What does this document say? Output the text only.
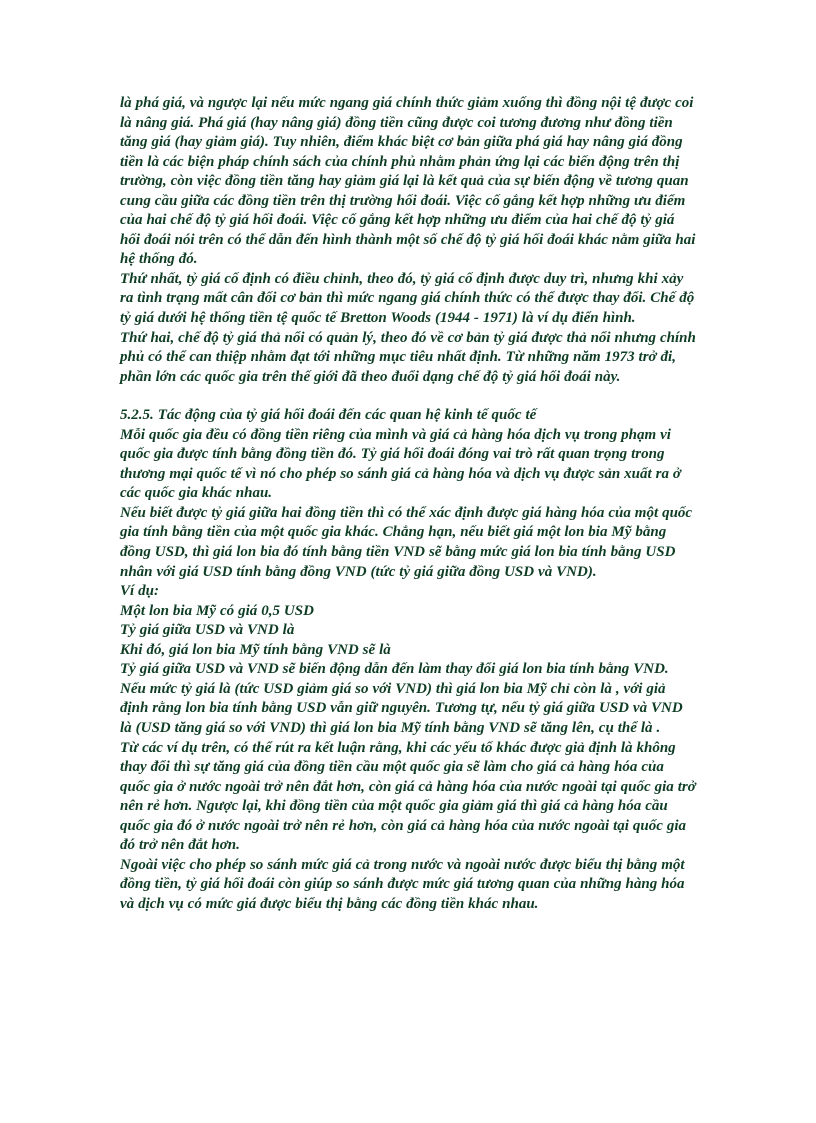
là phá giá, và ngược lại nếu mức ngang giá chính thức giảm xuống thì đồng nội tệ được coi là nâng giá. Phá giá (hay nâng giá) đồng tiền cũng được coi tương đương như đồng tiền tăng giá (hay giảm giá). Tuy nhiên, điểm khác biệt cơ bản giữa phá giá hay nâng giá đồng tiền là các biện pháp chính sách của chính phủ nhằm phản ứng lại các biến động trên thị trường, còn việc đồng tiền tăng hay giảm giá lại là kết quả của sự biến động về tương quan cung cầu giữa các đồng tiền trên thị trường hối đoái. Việc cố gắng kết hợp những ưu điểm của hai chế độ tỷ giá hối đoái. Việc cố gắng kết hợp những ưu điểm của hai chế độ tỷ giá hối đoái nói trên có thể dẫn đến hình thành một số chế độ tỷ giá hối đoái khác nằm giữa hai hệ thống đó.

Thứ nhất, tỷ giá cố định có điều chỉnh, theo đó, tỷ giá cố định được duy trì, nhưng khi xảy ra tình trạng mất cân đối cơ bản thì mức ngang giá chính thức có thể được thay đổi. Chế độ tỷ giá dưới hệ thống tiền tệ quốc tế Bretton Woods (1944 - 1971) là ví dụ điển hình.

Thứ hai, chế độ tỷ giá thả nổi có quản lý, theo đó về cơ bản tỷ giá được thả nổi nhưng chính phủ có thể can thiệp nhằm đạt tới những mục tiêu nhất định. Từ những năm 1973 trở đi, phần lớn các quốc gia trên thế giới đã theo đuổi dạng chế độ tỷ giá hối đoái này.

5.2.5. Tác động của tỷ giá hối đoái đến các quan hệ kinh tế quốc tế

Mỗi quốc gia đều có đồng tiền riêng của mình và giá cả hàng hóa dịch vụ trong phạm vi quốc gia được tính bằng đồng tiền đó. Tỷ giá hối đoái đóng vai trò rất quan trọng trong thương mại quốc tế vì nó cho phép so sánh giá cả hàng hóa và dịch vụ được sản xuất ra ở các quốc gia khác nhau.

Nếu biết được tỷ giá giữa hai đồng tiền thì có thể xác định được giá hàng hóa của một quốc gia tính bằng tiền của một quốc gia khác. Chẳng hạn, nếu biết giá một lon bia Mỹ bằng đồng USD, thì giá lon bia đó tính bằng tiền VND sẽ bằng mức giá lon bia tính bằng USD nhân với giá USD tính bằng đồng VND (tức tỷ giá giữa đồng USD và VND).

Ví dụ:

Một lon bia Mỹ có giá 0,5 USD

Tỷ giá giữa USD và VND là

Khi đó, giá lon bia Mỹ tính bằng VND sẽ là

Tỷ giá giữa USD và VND sẽ biến động dẫn đến làm thay đổi giá lon bia tính bằng VND. Nếu mức tỷ giá là (tức USD giảm giá so với VND) thì giá lon bia Mỹ chỉ còn là , với giả định rằng lon bia tính bằng USD vẫn giữ nguyên. Tương tự, nếu tỷ giá giữa USD và VND là (USD tăng giá so với VND) thì giá lon bia Mỹ tính bằng VND sẽ tăng lên, cụ thể là .

Từ các ví dụ trên, có thể rút ra kết luận rằng, khi các yếu tố khác được giả định là không thay đổi thì sự tăng giá của đồng tiền cầu một quốc gia sẽ làm cho giá cả hàng hóa của quốc gia ở nước ngoài trở nên đắt hơn, còn giá cả hàng hóa của nước ngoài tại quốc gia trở nên rẻ hơn. Ngược lại, khi đồng tiền của một quốc gia giảm giá thì giá cả hàng hóa cầu quốc gia đó ở nước ngoài trở nên rẻ hơn, còn giá cả hàng hóa của nước ngoài tại quốc gia đó trở nên đắt hơn.

Ngoài việc cho phép so sánh mức giá cả trong nước và ngoài nước được biểu thị bằng một đồng tiền, tỷ giá hối đoái còn giúp so sánh được mức giá tương quan của những hàng hóa và dịch vụ có mức giá được biểu thị bằng các đồng tiền khác nhau.
